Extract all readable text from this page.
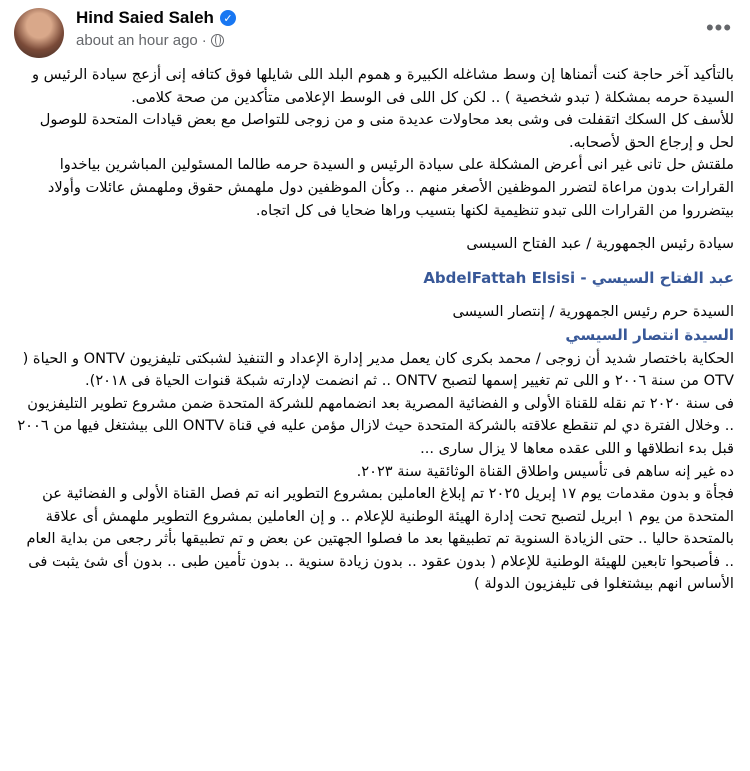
Hind Saied Saleh ✓
about an hour ago ·
•••

بالتأكيد آخر حاجة كنت أتمناها إن وسط مشاغله الكبيرة و هموم البلد اللى شايلها فوق كتافه إنى أزعج سيادة الرئيس و السيدة حرمه بمشكلة ( تبدو شخصية ) .. لكن كل اللى فى الوسط الإعلامى متأكدين من صحة كلامى.

للأسف كل السكك اتقفلت فى وشى بعد محاولات عديدة منى و من زوجى للتواصل مع بعض قيادات المتحدة للوصول لحل و إرجاع الحق لأصحابه.

ملقتش حل تانى غير انى أعرض المشكلة على سيادة الرئيس و السيدة حرمه طالما المسئولين المباشرين بياخدوا القرارات بدون مراعاة لتضرر الموظفين الأصغر منهم .. وكأن الموظفين دول ملهمش حقوق وملهمش عائلات وأولاد بيتضرروا من القرارات اللى تبدو تنظيمية لكنها بتسيب وراها ضحايا فى كل اتجاه.

سيادة رئيس الجمهورية / عبد الفتاح السيسى

عبد الفتاح السيسي - AbdelFattah Elsisi

السيدة حرم رئيس الجمهورية / إنتصار السيسى

السيدة انتصار السيسي

الحكاية باختصار شديد أن زوجى / محمد بكرى كان يعمل مدير إدارة الإعداد و التنفيذ لشبكتى تليفزيون ONTV و الحياة ( OTV من سنة ٢٠٠٦ و اللى تم تغيير إسمها لتصبح ONTV .. ثم انضمت لإدارته شبكة قنوات الحياة فى ٢٠١٨).

فى سنة ٢٠٢٠ تم نقله للقناة الأولى و الفضائية المصرية بعد انضمامهم للشركة المتحدة ضمن مشروع تطوير التليفزيون .. وخلال الفترة دي لم تنقطع علاقته بالشركة المتحدة حيث لازال مؤمن عليه في قناة ONTV اللى بيشتغل فيها من ٢٠٠٦ قبل بدء انطلاقها و اللى عقده معاها لا يزال سارى ...

ده غير إنه ساهم فى تأسيس واطلاق القناة الوثائقية سنة ٢٠٢٣.

فجأة و بدون مقدمات يوم ١٧ إبريل ٢٠٢٥ تم إبلاغ العاملين بمشروع التطوير انه تم فصل القناة الأولى و الفضائية عن المتحدة من يوم ١ ابريل لتصبح تحت إدارة الهيئة الوطنية للإعلام .. و إن العاملين بمشروع التطوير ملهمش أى علاقة بالمتحدة حاليا .. حتى الزيادة السنوية تم تطبيقها بعد ما فصلوا الجهتين عن بعض و تم تطبيقها بأثر رجعى من بداية العام .. فأصبحوا تابعين للهيئة الوطنية للإعلام ( بدون عقود .. بدون زيادة سنوية .. بدون تأمين طبى .. بدون أى شئ يثبت فى الأساس انهم بيشتغلوا فى تليفزيون الدولة )
